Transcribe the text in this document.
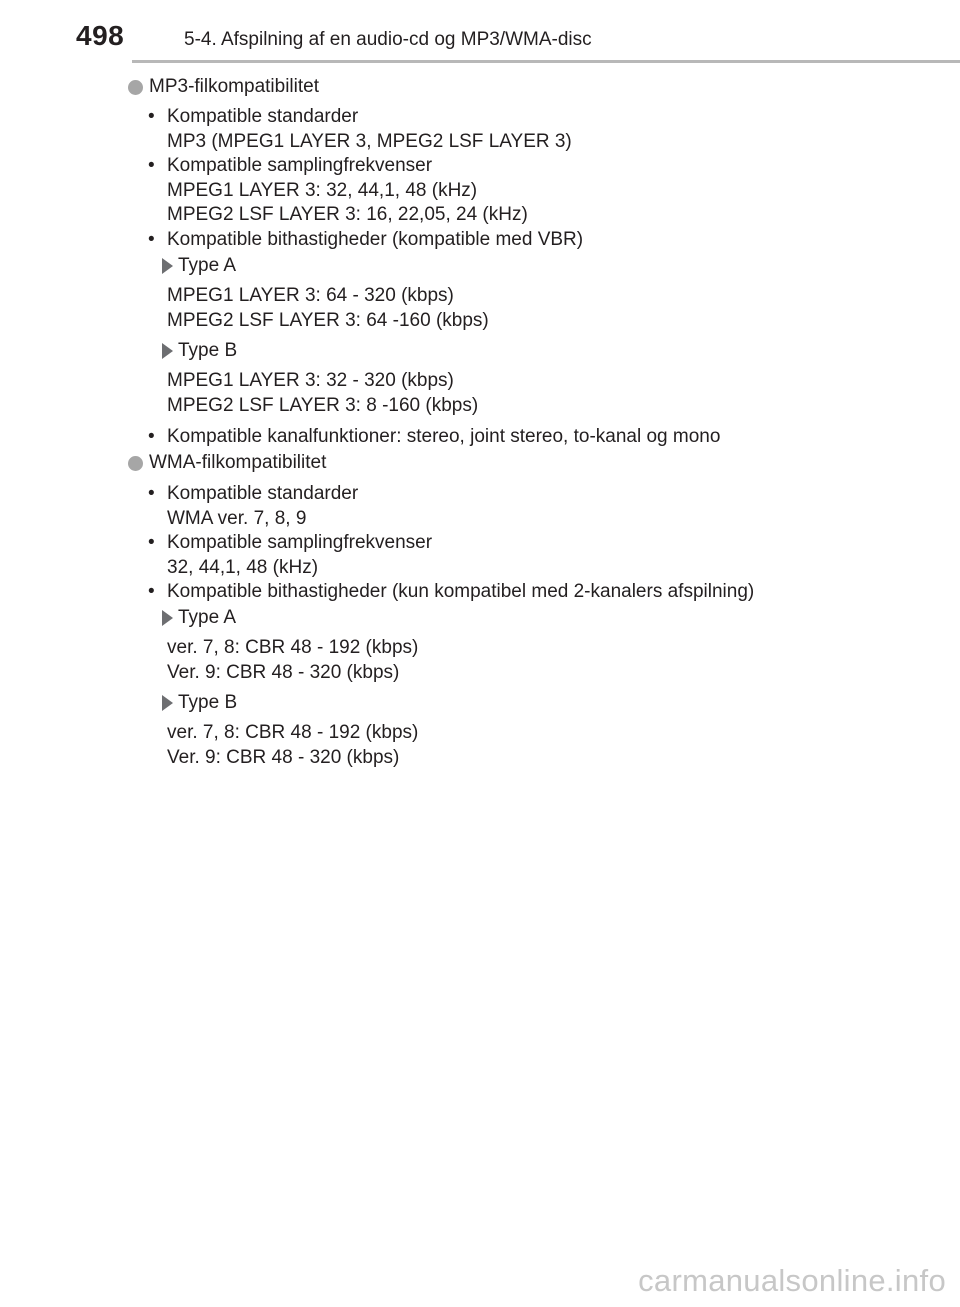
498	5-4. Afspilning af en audio-cd og MP3/WMA-disc
MP3-filkompatibilitet
• Kompatible standarder
MP3 (MPEG1 LAYER 3, MPEG2 LSF LAYER 3)
• Kompatible samplingfrekvenser
MPEG1 LAYER 3: 32, 44,1, 48 (kHz)
MPEG2 LSF LAYER 3: 16, 22,05, 24 (kHz)
• Kompatible bithastigheder (kompatible med VBR)
Type A
MPEG1 LAYER 3: 64 - 320 (kbps)
MPEG2 LSF LAYER 3: 64 -160 (kbps)
Type B
MPEG1 LAYER 3: 32 - 320 (kbps)
MPEG2 LSF LAYER 3: 8 -160 (kbps)
• Kompatible kanalfunktioner: stereo, joint stereo, to-kanal og mono
WMA-filkompatibilitet
• Kompatible standarder
WMA ver. 7, 8, 9
• Kompatible samplingfrekvenser
32, 44,1, 48 (kHz)
• Kompatible bithastigheder (kun kompatibel med 2-kanalers afspilning)
Type A
ver. 7, 8: CBR 48 - 192 (kbps)
Ver. 9: CBR 48 - 320 (kbps)
Type B
ver. 7, 8: CBR 48 - 192 (kbps)
Ver. 9: CBR 48 - 320 (kbps)
carmanualsonline.info
